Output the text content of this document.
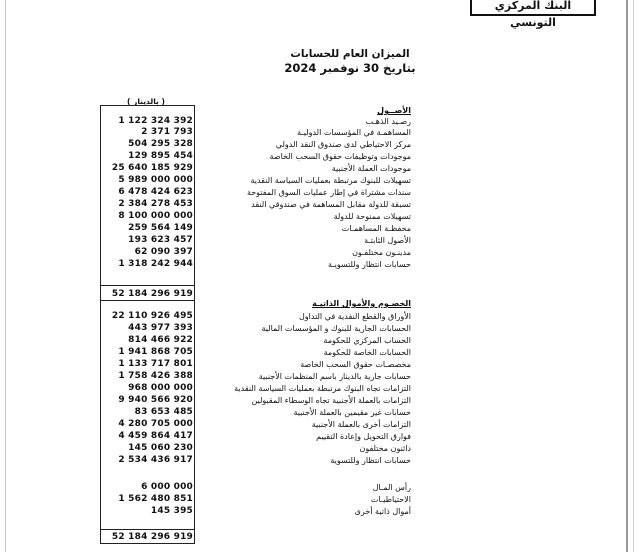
البنك المركزي التونسي
الميزان العام للحسابات
بتاريخ 30 نوفمبر 2024
( بالدينار )
الأصــول
الخصـوم والأموال الذاتيـة
رصـيد الذهـب
1 122 324 392
المساهمـة في المؤسسات الدوليـة
2 371 793
مركز الاحتياطي لدى صندوق النقد الدولي
504 295 328
موجودات وتوظيفات حقوق السحب الخاصة
129 895 454
موجودات العملة الأجنبية
25 640 185 929
تسهيلات للبنوك مرتبطة بعمليات السياسة النقدية
5 989 000 000
سندات مشتراة في إطار عمليات السوق المفتوحة
6 478 424 623
تسبقة للدولة مقابل المساهمة في صندوقي النقد
2 384 278 453
تسهيلات ممنوحة للدولة
8 100 000 000
محفظـة المساهمـات
259 564 149
الأصول الثابتـة
193 623 457
مدينـون مختلفـون
62 090 397
حسابات انتظار وللتسويـة
1 318 242 944
الأوراق والقطع النقدية في التداول
22 110 926 495
الحسابات الجارية للبنوك و المؤسسات المالية
443 977 393
الحساب المركزي للحكومة
814 466 922
الحسابات الخاصة للحكومة
1 941 868 705
مخصصـات حقوق السحب الخاصة
1 133 717 801
حسابات جارية بالدينار باسم المنظمات الأجنبية
1 758 426 388
التزامات تجاه البنوك مرتبطة بعمليات السياسة النقدية
968 000 000
التزامات بالعملة الأجنبية تجاه الوسطاء المقبولين
9 940 566 920
حسابات غير مقيمين بالعملة الأجنبية
83 653 485
التزامات أخرى بالعملة الأجنبية
4 280 705 000
فوارق التحويل وإعادة التقييم
4 459 864 417
دائنون مختلفون
145 060 230
حسابات انتظار وللتسوية
2 534 436 917
رأس المـال
6 000 000
الاحتياطيـات
1 562 480 851
أموال ذاتية أخرى
145 395
52 184 296 919
52 184 296 919
